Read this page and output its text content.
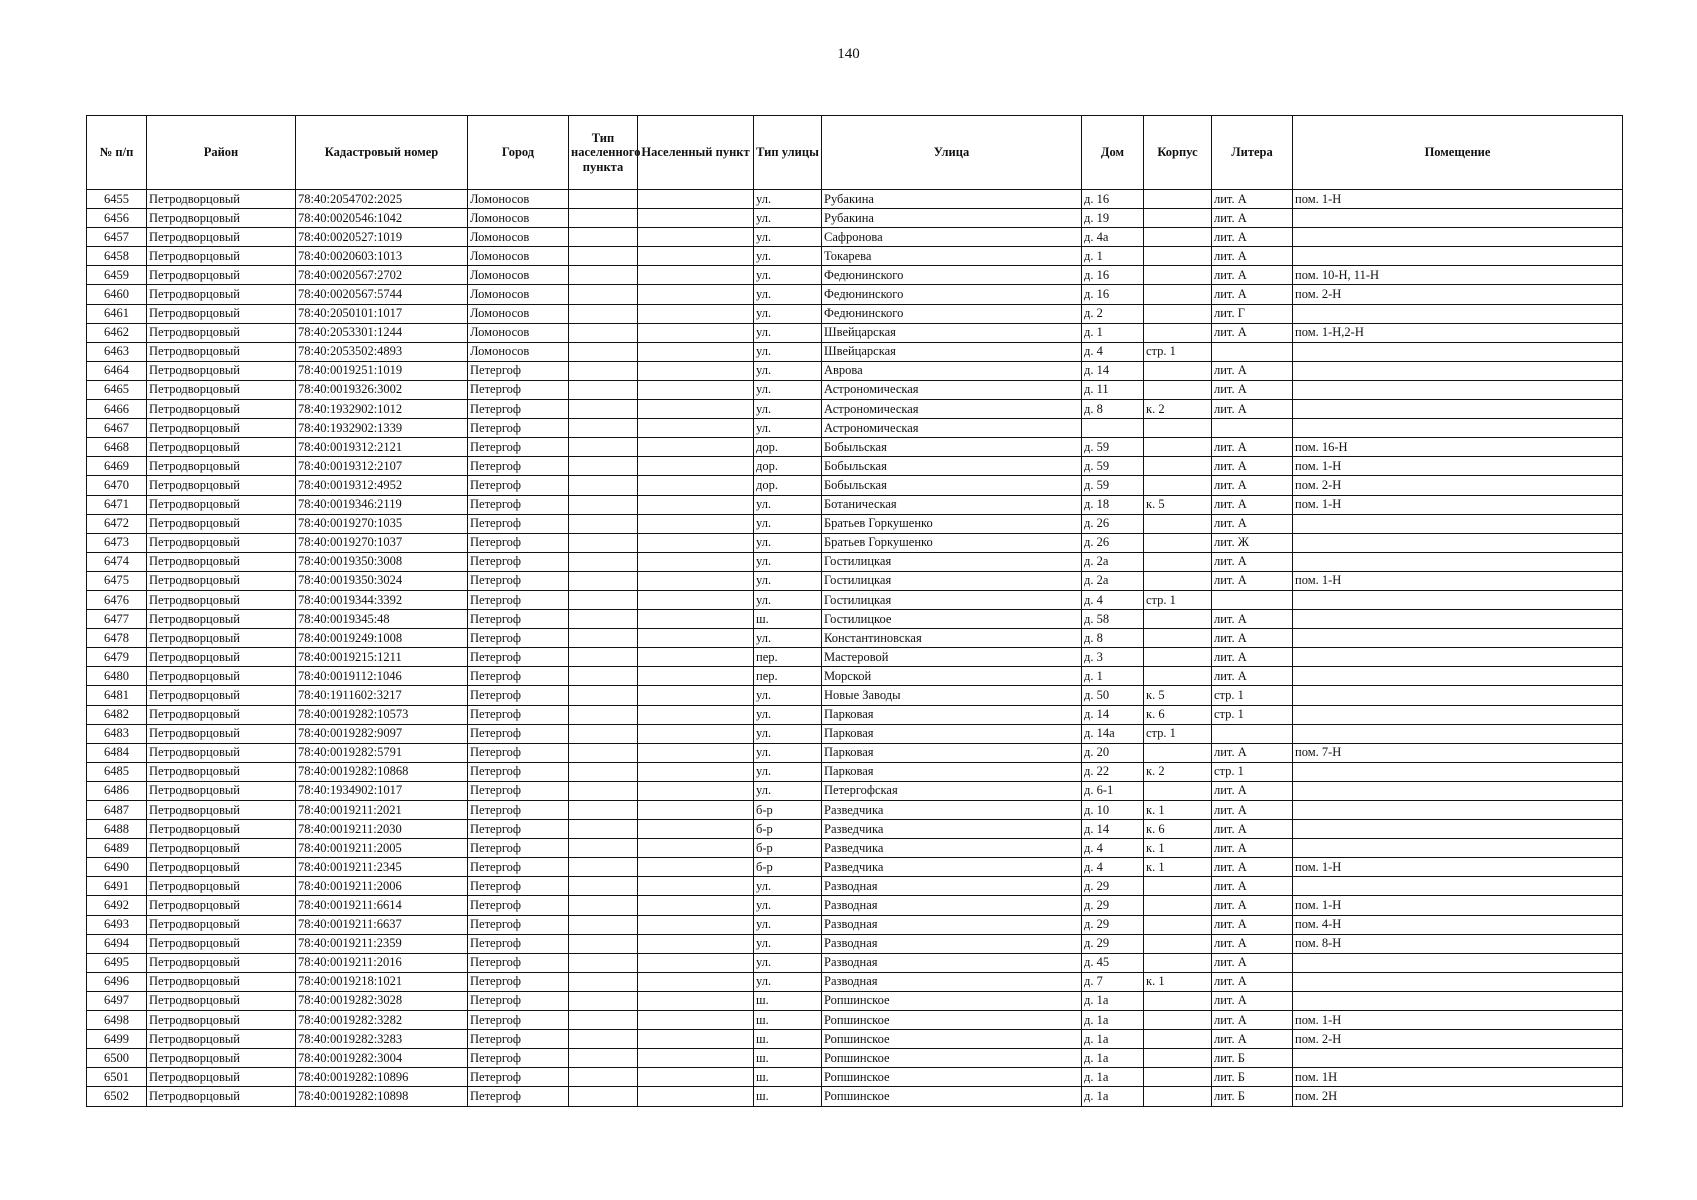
140
№ п/п	Район	Кадастровый номер	Город	Тип населенного пункта	Населенный пункт	Тип улицы	Улица	Дом	Корпус	Литера	Помещение
6455	Петродворцовый	78:40:2054702:2025	Ломоносов			ул.	Рубакина	д. 16		лит. А	пом. 1-Н
6456	Петродворцовый	78:40:0020546:1042	Ломоносов			ул.	Рубакина	д. 19		лит. А	
6457	Петродворцовый	78:40:0020527:1019	Ломоносов			ул.	Сафронова	д. 4а		лит. А	
6458	Петродворцовый	78:40:0020603:1013	Ломоносов			ул.	Токарева	д. 1		лит. А	
6459	Петродворцовый	78:40:0020567:2702	Ломоносов			ул.	Федюнинского	д. 16		лит. А	пом. 10-Н, 11-Н
6460	Петродворцовый	78:40:0020567:5744	Ломоносов			ул.	Федюнинского	д. 16		лит. А	пом. 2-Н
6461	Петродворцовый	78:40:2050101:1017	Ломоносов			ул.	Федюнинского	д. 2		лит. Г	
6462	Петродворцовый	78:40:2053301:1244	Ломоносов			ул.	Швейцарская	д. 1		лит. А	пом. 1-Н,2-Н
6463	Петродворцовый	78:40:2053502:4893	Ломоносов			ул.	Швейцарская	д. 4	стр. 1		
6464	Петродворцовый	78:40:0019251:1019	Петергоф			ул.	Аврова	д. 14		лит. А	
6465	Петродворцовый	78:40:0019326:3002	Петергоф			ул.	Астрономическая	д. 11		лит. А	
6466	Петродворцовый	78:40:1932902:1012	Петергоф			ул.	Астрономическая	д. 8	к. 2	лит. А	
6467	Петродворцовый	78:40:1932902:1339	Петергоф			ул.	Астрономическая				
6468	Петродворцовый	78:40:0019312:2121	Петергоф			дор.	Бобыльская	д. 59		лит. А	пом. 16-Н
6469	Петродворцовый	78:40:0019312:2107	Петергоф			дор.	Бобыльская	д. 59		лит. А	пом. 1-Н
6470	Петродворцовый	78:40:0019312:4952	Петергоф			дор.	Бобыльская	д. 59		лит. А	пом. 2-Н
6471	Петродворцовый	78:40:0019346:2119	Петергоф			ул.	Ботаническая	д. 18	к. 5	лит. А	пом. 1-Н
6472	Петродворцовый	78:40:0019270:1035	Петергоф			ул.	Братьев Горкушенко	д. 26		лит. А	
6473	Петродворцовый	78:40:0019270:1037	Петергоф			ул.	Братьев Горкушенко	д. 26		лит. Ж	
6474	Петродворцовый	78:40:0019350:3008	Петергоф			ул.	Гостилицкая	д. 2а		лит. А	
6475	Петродворцовый	78:40:0019350:3024	Петергоф			ул.	Гостилицкая	д. 2а		лит. А	пом. 1-Н
6476	Петродворцовый	78:40:0019344:3392	Петергоф			ул.	Гостилицкая	д. 4	стр. 1		
6477	Петродворцовый	78:40:0019345:48	Петергоф			ш.	Гостилицкое	д. 58		лит. А	
6478	Петродворцовый	78:40:0019249:1008	Петергоф			ул.	Константиновская	д. 8		лит. А	
6479	Петродворцовый	78:40:0019215:1211	Петергоф			пер.	Мастеровой	д. 3		лит. А	
6480	Петродворцовый	78:40:0019112:1046	Петергоф			пер.	Морской	д. 1		лит. А	
6481	Петродворцовый	78:40:1911602:3217	Петергоф			ул.	Новые Заводы	д. 50	к. 5	стр. 1	
6482	Петродворцовый	78:40:0019282:10573	Петергоф			ул.	Парковая	д. 14	к. 6	стр. 1	
6483	Петродворцовый	78:40:0019282:9097	Петергоф			ул.	Парковая	д. 14а	стр. 1		
6484	Петродворцовый	78:40:0019282:5791	Петергоф			ул.	Парковая	д. 20		лит. А	пом. 7-Н
6485	Петродворцовый	78:40:0019282:10868	Петергоф			ул.	Парковая	д. 22	к. 2	стр. 1	
6486	Петродворцовый	78:40:1934902:1017	Петергоф			ул.	Петергофская	д. 6-1		лит. А	
6487	Петродворцовый	78:40:0019211:2021	Петергоф			б-р	Разведчика	д. 10	к. 1	лит. А	
6488	Петродворцовый	78:40:0019211:2030	Петергоф			б-р	Разведчика	д. 14	к. 6	лит. А	
6489	Петродворцовый	78:40:0019211:2005	Петергоф			б-р	Разведчика	д. 4	к. 1	лит. А	
6490	Петродворцовый	78:40:0019211:2345	Петергоф			б-р	Разведчика	д. 4	к. 1	лит. А	пом. 1-Н
6491	Петродворцовый	78:40:0019211:2006	Петергоф			ул.	Разводная	д. 29		лит. А	
6492	Петродворцовый	78:40:0019211:6614	Петергоф			ул.	Разводная	д. 29		лит. А	пом. 1-Н
6493	Петродворцовый	78:40:0019211:6637	Петергоф			ул.	Разводная	д. 29		лит. А	пом. 4-Н
6494	Петродворцовый	78:40:0019211:2359	Петергоф			ул.	Разводная	д. 29		лит. А	пом. 8-Н
6495	Петродворцовый	78:40:0019211:2016	Петергоф			ул.	Разводная	д. 45		лит. А	
6496	Петродворцовый	78:40:0019218:1021	Петергоф			ул.	Разводная	д. 7	к. 1	лит. А	
6497	Петродворцовый	78:40:0019282:3028	Петергоф			ш.	Ропшинское	д. 1а		лит. А	
6498	Петродворцовый	78:40:0019282:3282	Петергоф			ш.	Ропшинское	д. 1а		лит. А	пом. 1-Н
6499	Петродворцовый	78:40:0019282:3283	Петергоф			ш.	Ропшинское	д. 1а		лит. А	пом. 2-Н
6500	Петродворцовый	78:40:0019282:3004	Петергоф			ш.	Ропшинское	д. 1а		лит. Б	
6501	Петродворцовый	78:40:0019282:10896	Петергоф			ш.	Ропшинское	д. 1а		лит. Б	пом. 1Н
6502	Петродворцовый	78:40:0019282:10898	Петергоф			ш.	Ропшинское	д. 1а		лит. Б	пом. 2Н
